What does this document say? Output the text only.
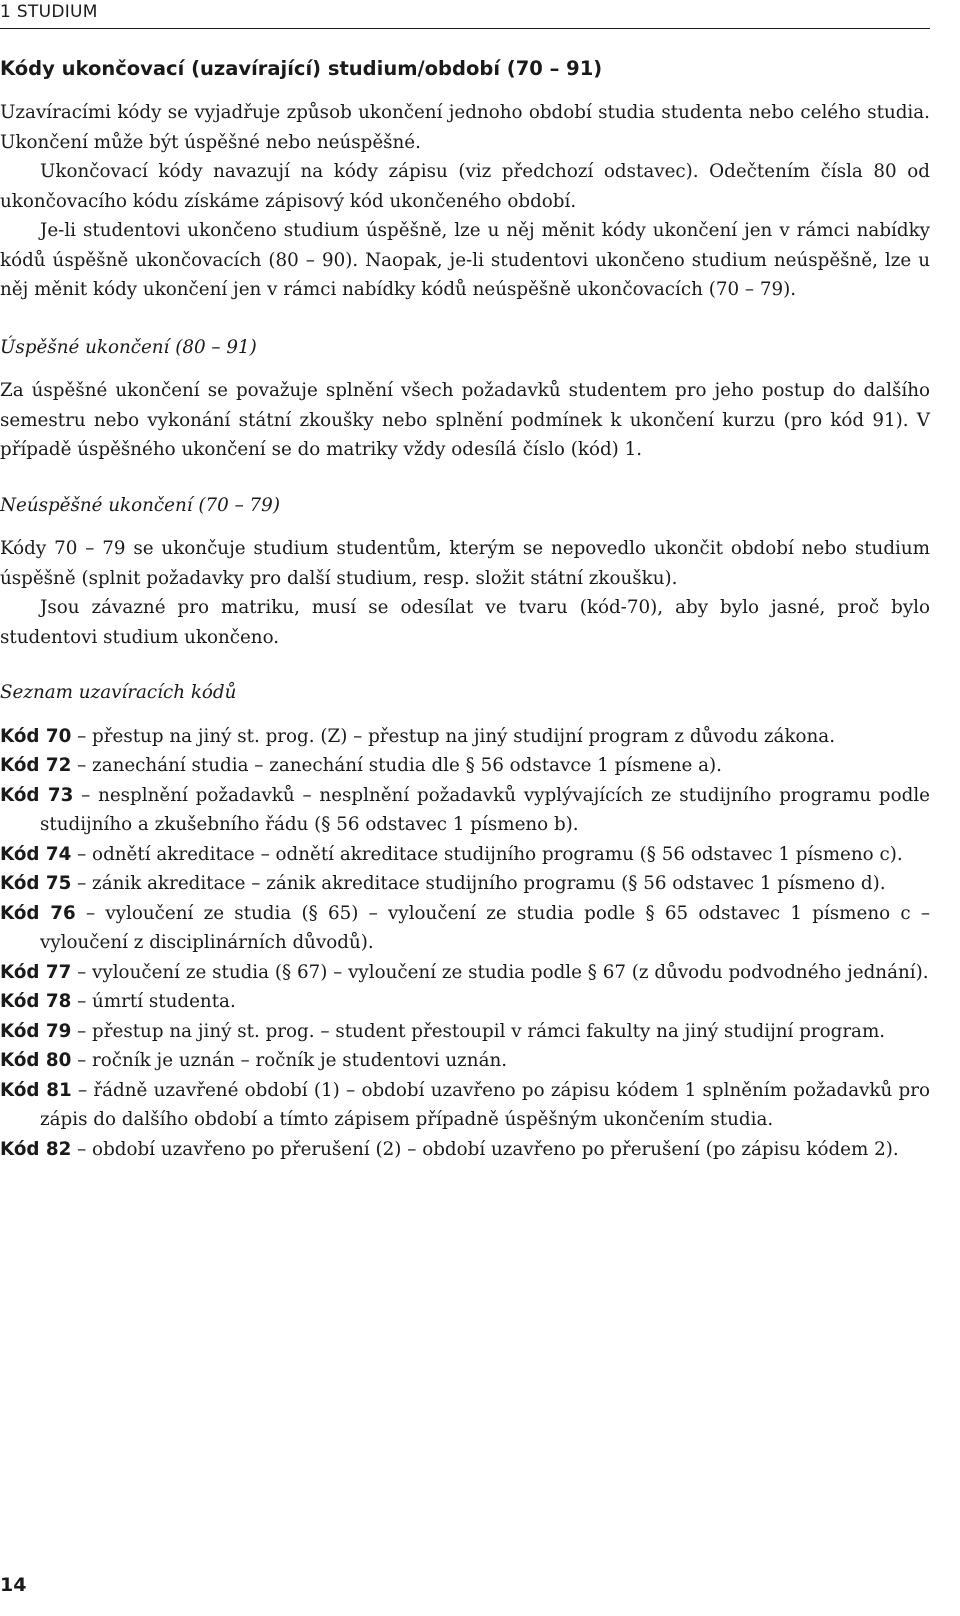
1 STUDIUM
Kódy ukončovací (uzavírající) studium/období (70 – 91)

Uzavíracími kódy se vyjadřuje způsob ukončení jednoho období studia studenta nebo celého studia. Ukončení může být úspěšné nebo neúspěšné.

Ukončovací kódy navazují na kódy zápisu (viz předchozí odstavec). Odečtením čísla 80 od ukončovacího kódu získáme zápisový kód ukončeného období.

Je-li studentovi ukončeno studium úspěšně, lze u něj měnit kódy ukončení jen v rámci nabídky kódů úspěšně ukončovacích (80 – 90). Naopak, je-li studentovi ukončeno studium neúspěšně, lze u něj měnit kódy ukončení jen v rámci nabídky kódů neúspěšně ukončovacích (70 – 79).

Úspěšné ukončení (80 – 91)

Za úspěšné ukončení se považuje splnění všech požadavků studentem pro jeho postup do dalšího semestru nebo vykonání státní zkoušky nebo splnění podmínek k ukončení kurzu (pro kód 91). V případě úspěšného ukončení se do matriky vždy odesílá číslo (kód) 1.

Neúspěšné ukončení (70 – 79)

Kódy 70 – 79 se ukončuje studium studentům, kterým se nepovedlo ukončit období nebo studium úspěšně (splnit požadavky pro další studium, resp. složit státní zkoušku).

Jsou závazné pro matriku, musí se odesílat ve tvaru (kód-70), aby bylo jasné, proč bylo studentovi studium ukončeno.

Seznam uzavíracích kódů

Kód 70 – přestup na jiný st. prog. (Z) – přestup na jiný studijní program z důvodu zákona.

Kód 72 – zanechání studia – zanechání studia dle § 56 odstavce 1 písmene a).

Kód 73 – nesplnění požadavků – nesplnění požadavků vyplývajících ze studijního programu podle studijního a zkušebního řádu (§ 56 odstavec 1 písmeno b).

Kód 74 – odnětí akreditace – odnětí akreditace studijního programu (§ 56 odstavec 1 písmeno c).

Kód 75 – zánik akreditace – zánik akreditace studijního programu (§ 56 odstavec 1 písmeno d).

Kód 76 – vyloučení ze studia (§ 65) – vyloučení ze studia podle § 65 odstavec 1 písmeno c – vyloučení z disciplinárních důvodů).

Kód 77 – vyloučení ze studia (§ 67) – vyloučení ze studia podle § 67 (z důvodu podvodného jednání).

Kód 78 – úmrtí studenta.

Kód 79 – přestup na jiný st. prog. – student přestoupil v rámci fakulty na jiný studijní program.

Kód 80 – ročník je uznán – ročník je studentovi uznán.

Kód 81 – řádně uzavřené období (1) – období uzavřeno po zápisu kódem 1 splněním požadavků pro zápis do dalšího období a tímto zápisem případně úspěšným ukončením studia.

Kód 82 – období uzavřeno po přerušení (2) – období uzavřeno po přerušení (po zápisu kódem 2).

14
